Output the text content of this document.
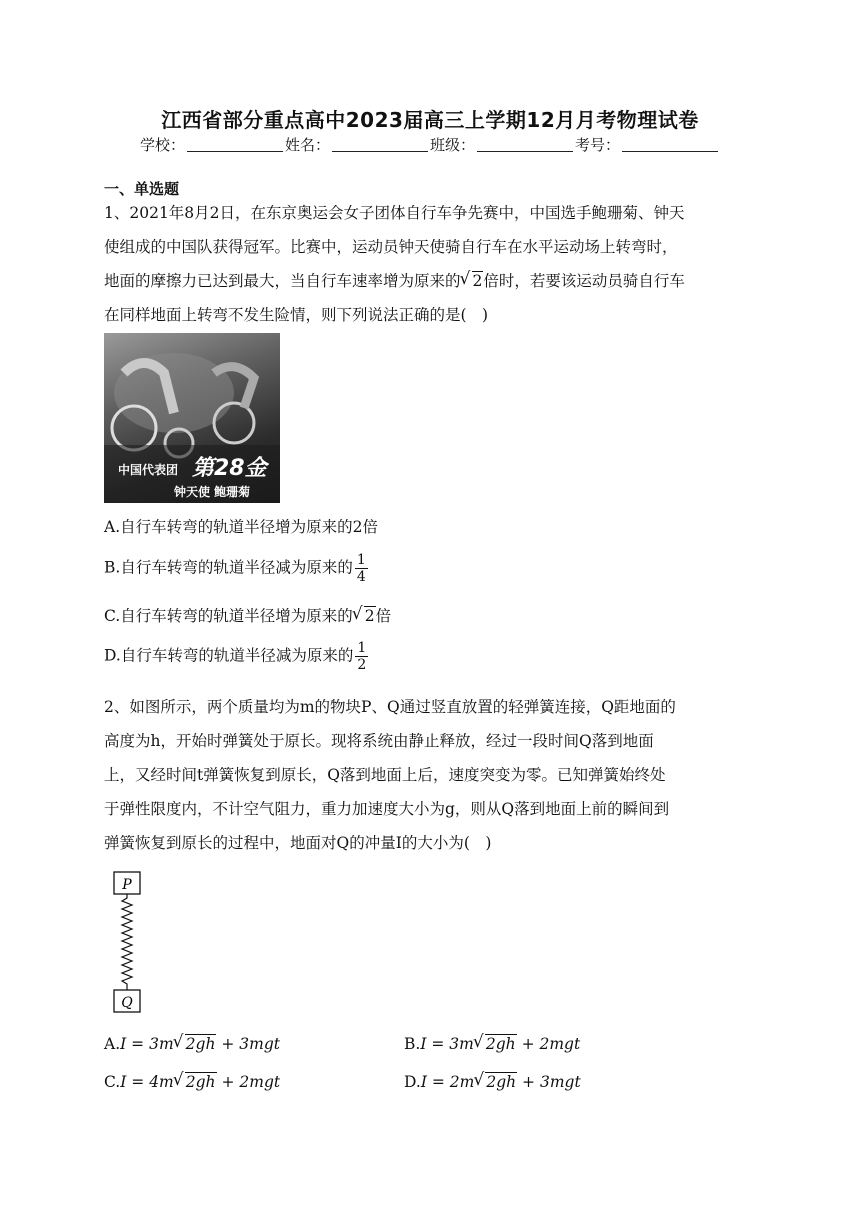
江西省部分重点高中2023届高三上学期12月月考物理试卷
学校：	姓名：	班级：	考号：
一、单选题
1、2021年8月2日，在东京奥运会女子团体自行车争先赛中，中国选手鲍珊菊、钟天
使组成的中国队获得冠军。比赛中，运动员钟天使骑自行车在水平运动场上转弯时，
地面的摩擦力已达到最大，当自行车速率增为原来的 √ 2倍时，若要该运动员骑自行车
在同样地面上转弯不发生险情，则下列说法正确的是(　)
中国代表团 第28金
钟天使 鲍珊菊
A.自行车转弯的轨道半径增为原来的2倍
B.自行车转弯的轨道半径减为原来的 $\frac{1}{4}$
C.自行车转弯的轨道半径增为原来的 √ 2倍
D.自行车转弯的轨道半径减为原来的 $\frac{1}{2}$
2、如图所示，两个质量均为m的物块P、Q通过竖直放置的轻弹簧连接，Q距地面的
高度为h，开始时弹簧处于原长。现将系统由静止释放，经过一段时间Q落到地面
上，又经时间t弹簧恢复到原长，Q落到地面上后，速度突变为零。已知弹簧始终处
于弹性限度内，不计空气阻力，重力加速度大小为g，则从Q落到地面上前的瞬间到
弹簧恢复到原长的过程中，地面对Q的冲量I的大小为(　)
P
Q
A.I = 3m √ 2gh + 3mgt	B.I = 3m √ 2gh + 2mgt
C.I = 4m √ 2gh + 2mgt	D.I = 2m √ 2gh + 3mgt
